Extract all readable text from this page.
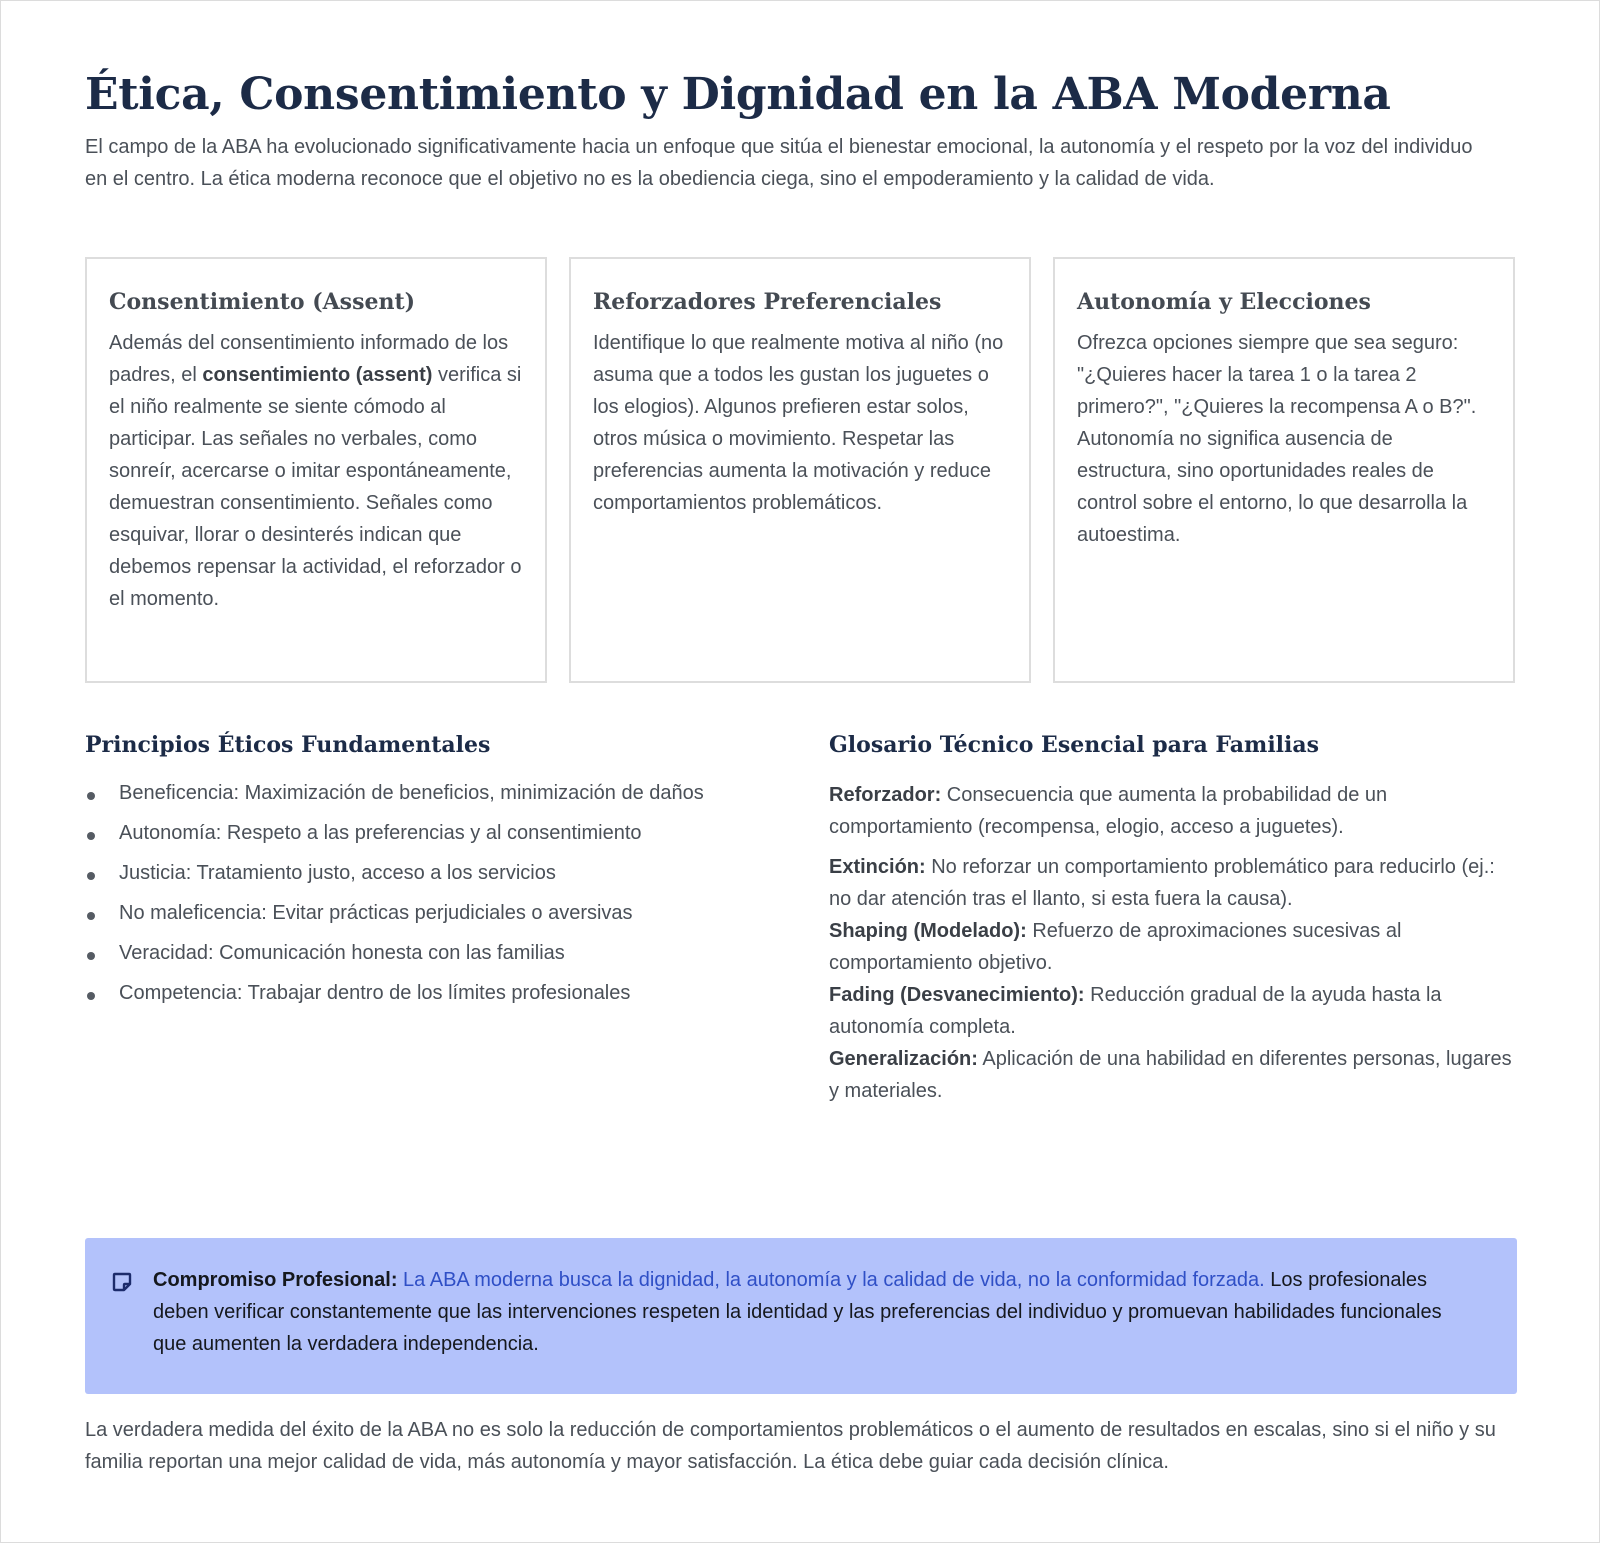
Ética, Consentimiento y Dignidad en la ABA Moderna

El campo de la ABA ha evolucionado significativamente hacia un enfoque que sitúa el bienestar emocional, la autonomía y el respeto por la voz del individuo en el centro. La ética moderna reconoce que el objetivo no es la obediencia ciega, sino el empoderamiento y la calidad de vida.

Consentimiento (Assent)

Además del consentimiento informado de los padres, el consentimiento (assent) verifica si el niño realmente se siente cómodo al participar. Las señales no verbales, como sonreír, acercarse o imitar espontáneamente, demuestran consentimiento. Señales como esquivar, llorar o desinterés indican que debemos repensar la actividad, el reforzador o el momento.

Reforzadores Preferenciales

Identifique lo que realmente motiva al niño (no asuma que a todos les gustan los juguetes o los elogios). Algunos prefieren estar solos, otros música o movimiento. Respetar las preferencias aumenta la motivación y reduce comportamientos problemáticos.

Autonomía y Elecciones

Ofrezca opciones siempre que sea seguro: "¿Quieres hacer la tarea 1 o la tarea 2 primero?", "¿Quieres la recompensa A o B?". Autonomía no significa ausencia de estructura, sino oportunidades reales de control sobre el entorno, lo que desarrolla la autoestima.

Principios Éticos Fundamentales
Beneficencia: Maximización de beneficios, minimización de daños
Autonomía: Respeto a las preferencias y al consentimiento
Justicia: Tratamiento justo, acceso a los servicios
No maleficencia: Evitar prácticas perjudiciales o aversivas
Veracidad: Comunicación honesta con las familias
Competencia: Trabajar dentro de los límites profesionales
Glosario Técnico Esencial para Familias

Reforzador: Consecuencia que aumenta la probabilidad de un comportamiento (recompensa, elogio, acceso a juguetes).

Extinción: No reforzar un comportamiento problemático para reducirlo (ej.: no dar atención tras el llanto, si esta fuera la causa).

Shaping (Modelado): Refuerzo de aproximaciones sucesivas al comportamiento objetivo.

Fading (Desvanecimiento): Reducción gradual de la ayuda hasta la autonomía completa.

Generalización: Aplicación de una habilidad en diferentes personas, lugares y materiales.

Compromiso Profesional: La ABA moderna busca la dignidad, la autonomía y la calidad de vida, no la conformidad forzada. Los profesionales deben verificar constantemente que las intervenciones respeten la identidad y las preferencias del individuo y promuevan habilidades funcionales que aumenten la verdadera independencia.

La verdadera medida del éxito de la ABA no es solo la reducción de comportamientos problemáticos o el aumento de resultados en escalas, sino si el niño y su familia reportan una mejor calidad de vida, más autonomía y mayor satisfacción. La ética debe guiar cada decisión clínica.
